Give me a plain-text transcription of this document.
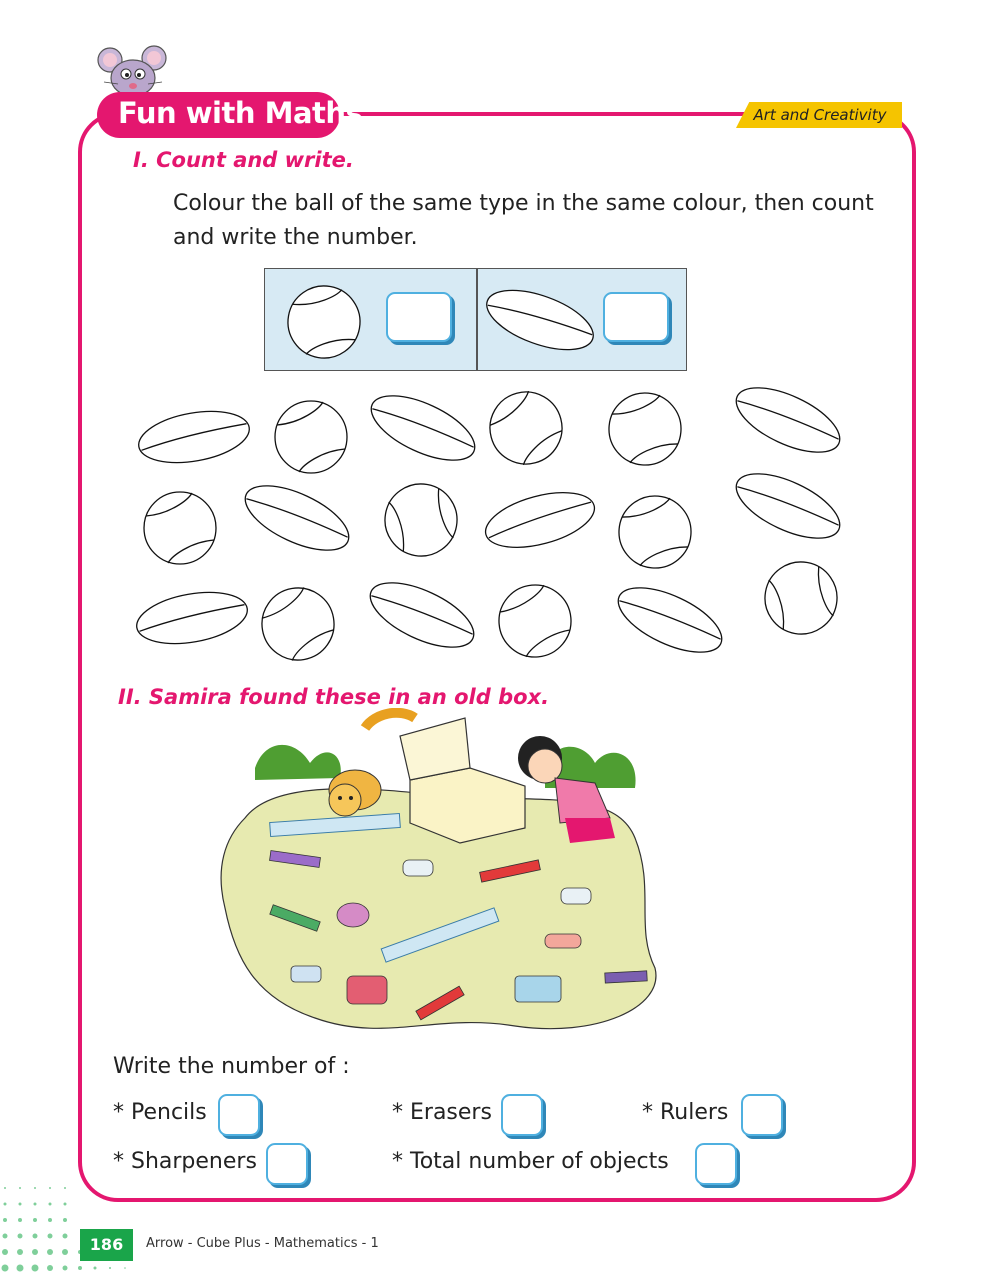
Fun with Maths	Art and Creativity
I. Count and write.
Colour the ball of the same type in the same colour, then count and write the number.
II. Samira found these in an old box.
Write the number of :
* Pencils	* Erasers	* Rulers
* Sharpeners	* Total number of objects
186	Arrow - Cube Plus - Mathematics - 1
